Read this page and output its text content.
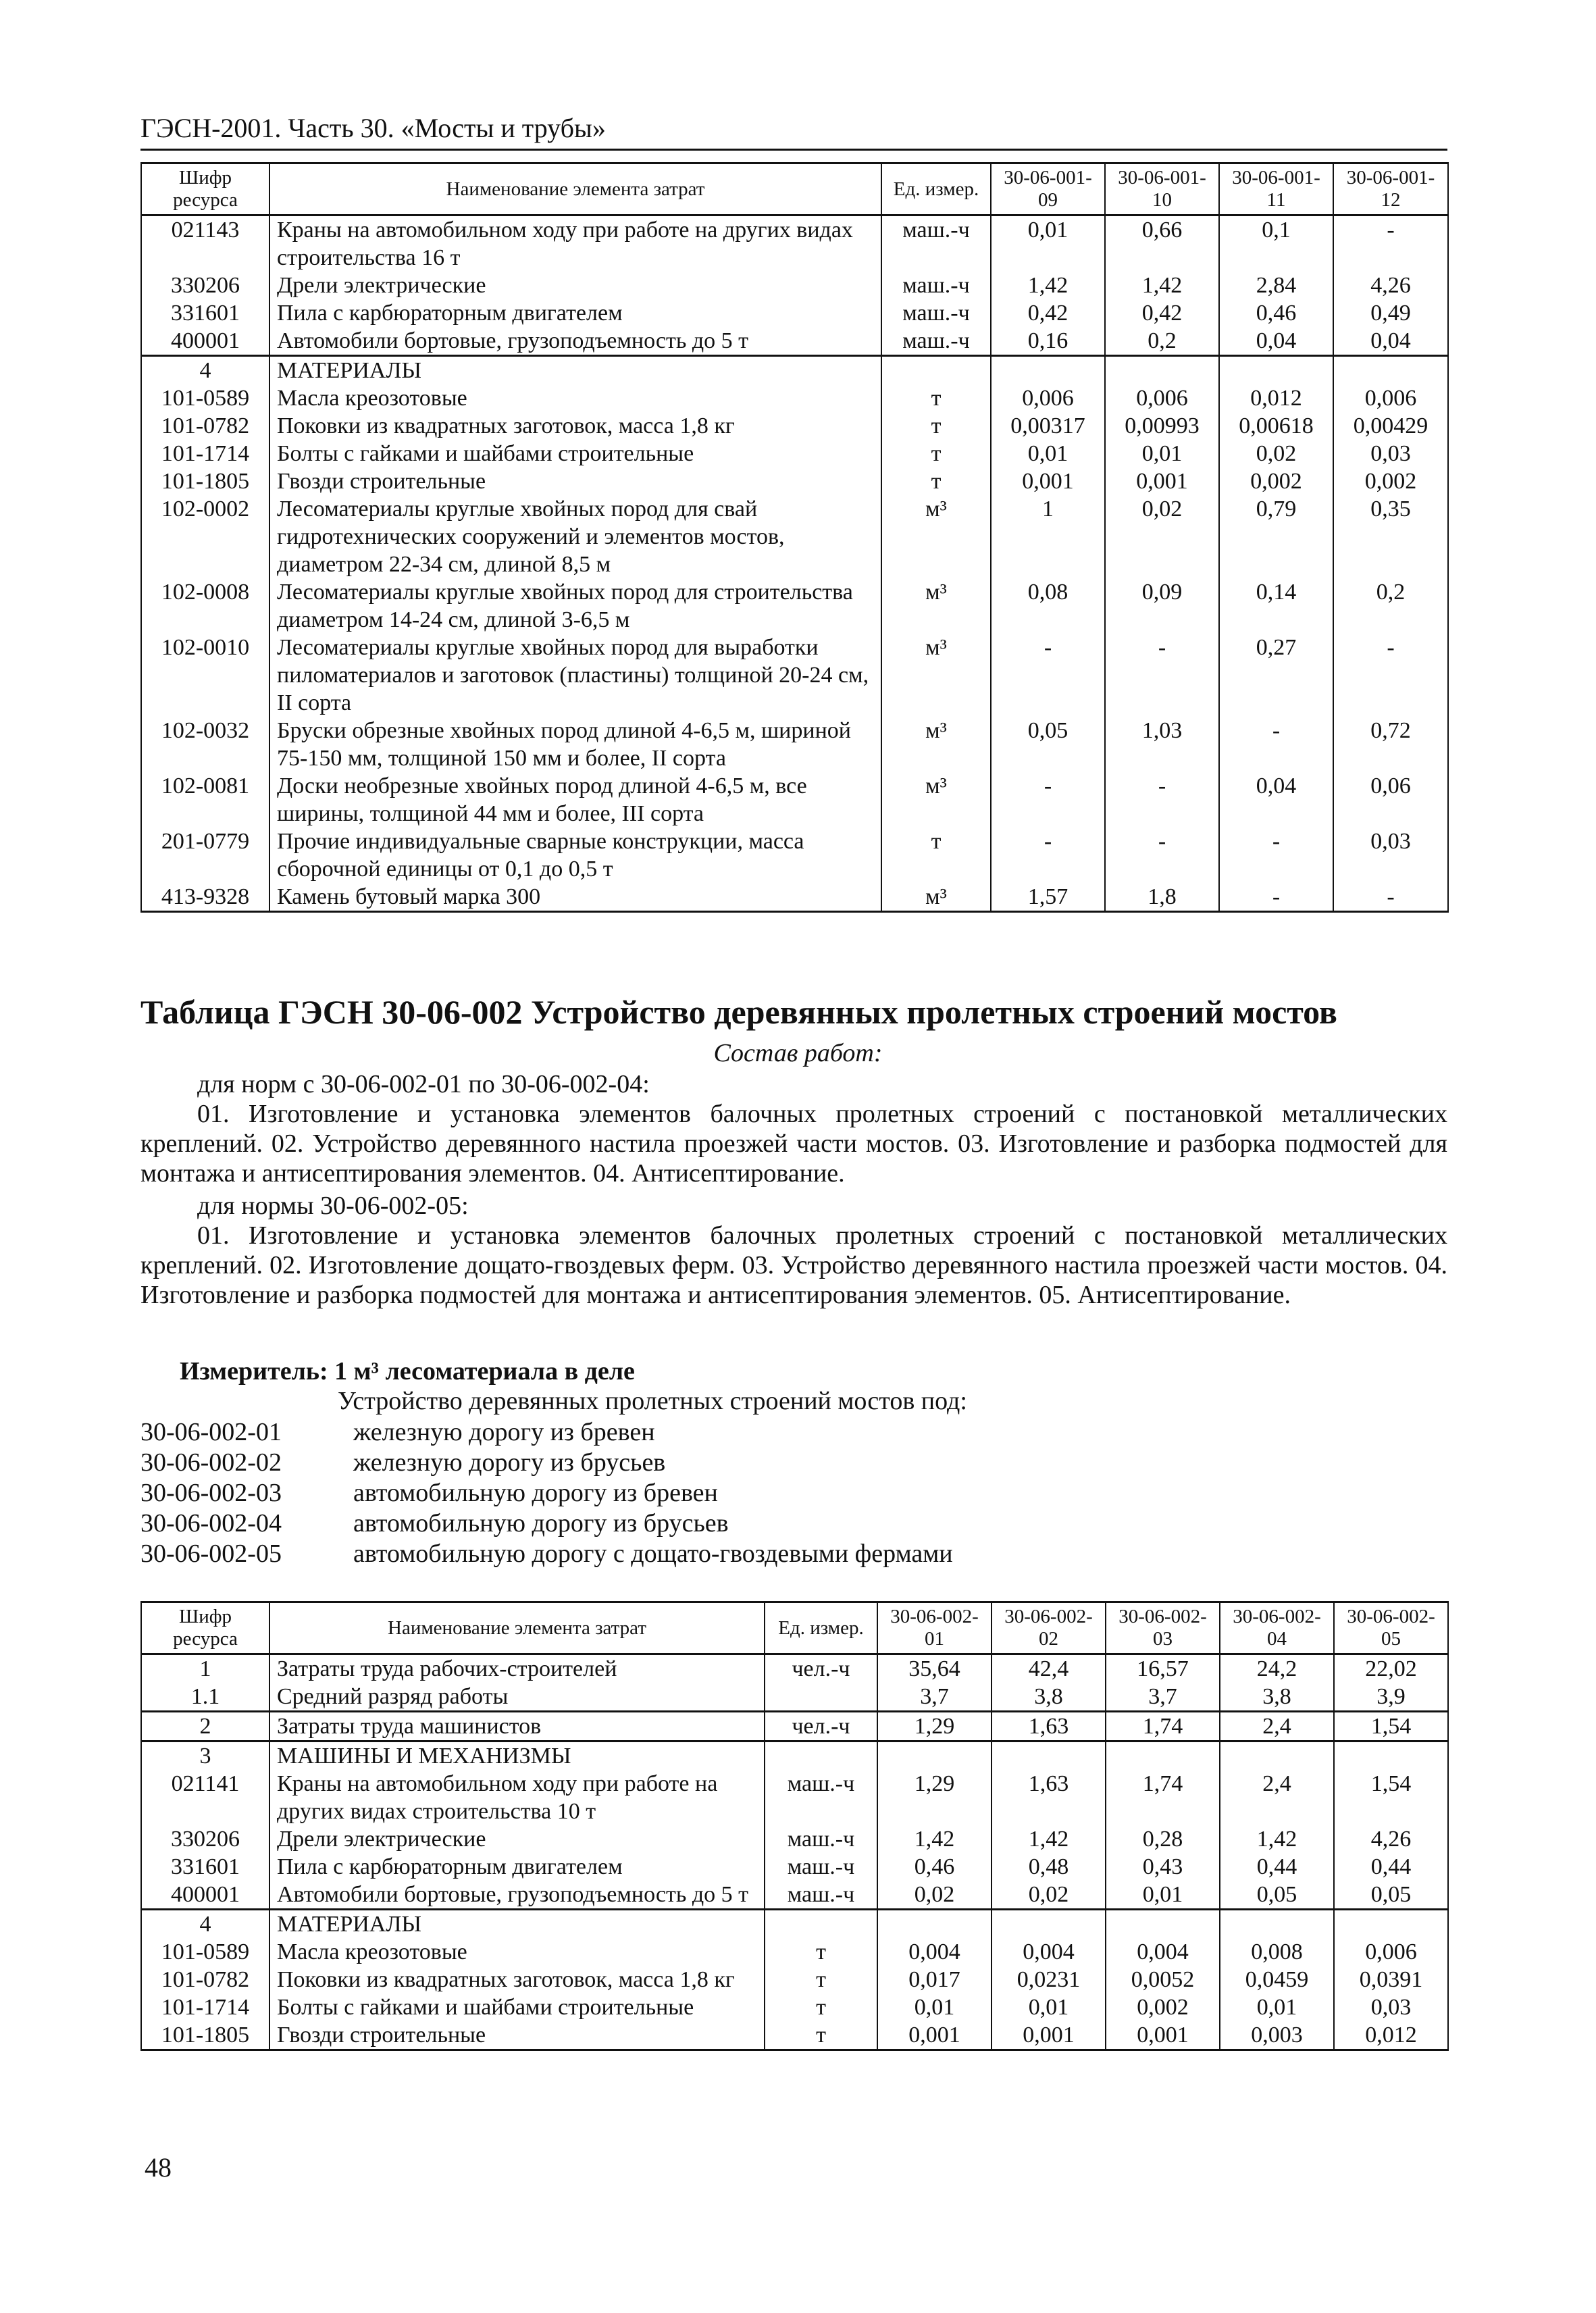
ГЭСН-2001. Часть 30. «Мосты и трубы»
Шифр ресурса	Наименование элемента затрат	Ед. измер.	30-06-001-09	30-06-001-10	30-06-001-11	30-06-001-12
021143	Краны на автомобильном ходу при работе на других видах строительства 16 т	маш.-ч	0,01	0,66	0,1	-
330206	Дрели электрические	маш.-ч	1,42	1,42	2,84	4,26
331601	Пила с карбюраторным двигателем	маш.-ч	0,42	0,42	0,46	0,49
400001	Автомобили бортовые, грузоподъемность до 5 т	маш.-ч	0,16	0,2	0,04	0,04
4	МАТЕРИАЛЫ					
101-0589	Масла креозотовые	т	0,006	0,006	0,012	0,006
101-0782	Поковки из квадратных заготовок, масса 1,8 кг	т	0,00317	0,00993	0,00618	0,00429
101-1714	Болты с гайками и шайбами строительные	т	0,01	0,01	0,02	0,03
101-1805	Гвозди строительные	т	0,001	0,001	0,002	0,002
102-0002	Лесоматериалы круглые хвойных пород для свай гидротехнических сооружений и элементов мостов, диаметром 22-34 см, длиной 8,5 м	м³	1	0,02	0,79	0,35
102-0008	Лесоматериалы круглые хвойных пород для строительства диаметром 14-24 см, длиной 3-6,5 м	м³	0,08	0,09	0,14	0,2
102-0010	Лесоматериалы круглые хвойных пород для выработки пиломатериалов и заготовок (пластины) толщиной 20-24 см, II сорта	м³	-	-	0,27	-
102-0032	Бруски обрезные хвойных пород длиной 4-6,5 м, шириной 75-150 мм, толщиной 150 мм и более, II сорта	м³	0,05	1,03	-	0,72
102-0081	Доски необрезные хвойных пород длиной 4-6,5 м, все ширины, толщиной 44 мм и более, III сорта	м³	-	-	0,04	0,06
201-0779	Прочие индивидуальные сварные конструкции, масса сборочной единицы от 0,1 до 0,5 т	т	-	-	-	0,03
413-9328	Камень бутовый марка 300	м³	1,57	1,8	-	-
Таблица ГЭСН 30-06-002 Устройство деревянных пролетных строений мостов
Состав работ:

для норм с 30-06-002-01 по 30-06-002-04:

01. Изготовление и установка элементов балочных пролетных строений с постановкой металлических креплений. 02. Устройство деревянного настила проезжей части мостов. 03. Изготовление и разборка подмостей для монтажа и антисептирования элементов. 04. Антисептирование.

для нормы 30-06-002-05:

01. Изготовление и установка элементов балочных пролетных строений с постановкой металлических креплений. 02. Изготовление дощато-гвоздевых ферм. 03. Устройство деревянного настила проезжей части мостов. 04. Изготовление и разборка подмостей для монтажа и антисептирования элементов. 05. Антисептирование.

Измеритель: 1 м³ лесоматериала в деле
Устройство деревянных пролетных строений мостов под:
30-06-002-01	железную дорогу из бревен
30-06-002-02	железную дорогу из брусьев
30-06-002-03	автомобильную дорогу из бревен
30-06-002-04	автомобильную дорогу из брусьев
30-06-002-05	автомобильную дорогу с дощато-гвоздевыми фермами
Шифр ресурса	Наименование элемента затрат	Ед. измер.	30-06-002-01	30-06-002-02	30-06-002-03	30-06-002-04	30-06-002-05
1	Затраты труда рабочих-строителей	чел.-ч	35,64	42,4	16,57	24,2	22,02
1.1	Средний разряд работы		3,7	3,8	3,7	3,8	3,9
2	Затраты труда машинистов	чел.-ч	1,29	1,63	1,74	2,4	1,54
3	МАШИНЫ И МЕХАНИЗМЫ						
021141	Краны на автомобильном ходу при работе на других видах строительства 10 т	маш.-ч	1,29	1,63	1,74	2,4	1,54
330206	Дрели электрические	маш.-ч	1,42	1,42	0,28	1,42	4,26
331601	Пила с карбюраторным двигателем	маш.-ч	0,46	0,48	0,43	0,44	0,44
400001	Автомобили бортовые, грузоподъемность до 5 т	маш.-ч	0,02	0,02	0,01	0,05	0,05
4	МАТЕРИАЛЫ						
101-0589	Масла креозотовые	т	0,004	0,004	0,004	0,008	0,006
101-0782	Поковки из квадратных заготовок, масса 1,8 кг	т	0,017	0,0231	0,0052	0,0459	0,0391
101-1714	Болты с гайками и шайбами строительные	т	0,01	0,01	0,002	0,01	0,03
101-1805	Гвозди строительные	т	0,001	0,001	0,001	0,003	0,012
48
